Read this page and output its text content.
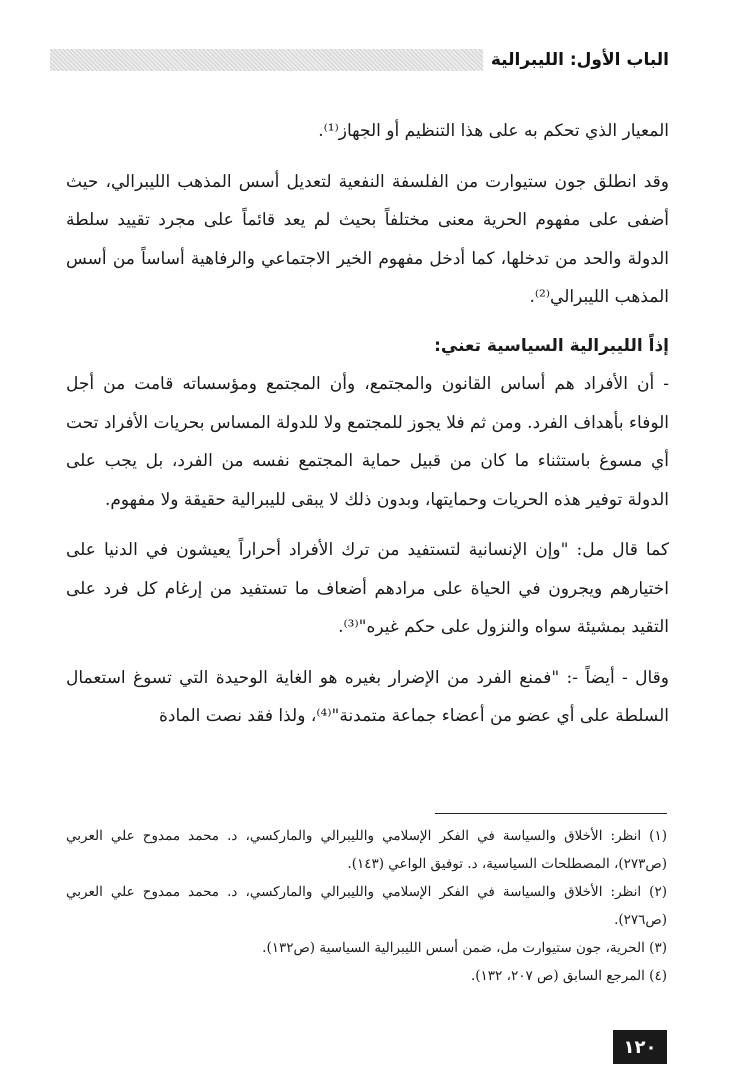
الباب الأول: الليبرالية

المعيار الذي تحكم به على هذا التنظيم أو الجهاز⁽¹⁾.

وقد انطلق جون ستيوارت من الفلسفة النفعية لتعديل أسس المذهب الليبرالي، حيث أضفى على مفهوم الحرية معنى مختلفاً بحيث لم يعد قائماً على مجرد تقييد سلطة الدولة والحد من تدخلها، كما أدخل مفهوم الخير الاجتماعي والرفاهية أساساً من أسس المذهب الليبرالي⁽²⁾.

إذاً الليبرالية السياسية تعني:

- أن الأفراد هم أساس القانون والمجتمع، وأن المجتمع ومؤسساته قامت من أجل الوفاء بأهداف الفرد. ومن ثم فلا يجوز للمجتمع ولا للدولة المساس بحريات الأفراد تحت أي مسوغ باستثناء ما كان من قبيل حماية المجتمع نفسه من الفرد، بل يجب على الدولة توفير هذه الحريات وحمايتها، وبدون ذلك لا يبقى لليبرالية حقيقة ولا مفهوم.

كما قال مل: "وإن الإنسانية لتستفيد من ترك الأفراد أحراراً يعيشون في الدنيا على اختيارهم ويجرون في الحياة على مرادهم أضعاف ما تستفيد من إرغام كل فرد على التقيد بمشيئة سواه والنزول على حكم غيره"⁽³⁾.

وقال - أيضاً -: "فمنع الفرد من الإضرار بغيره هو الغاية الوحيدة التي تسوغ استعمال السلطة على أي عضو من أعضاء جماعة متمدنة"⁽⁴⁾، ولذا فقد نصت المادة

(١) انظر: الأخلاق والسياسة في الفكر الإسلامي والليبرالي والماركسي، د. محمد ممدوح علي العربي (ص٢٧٣)، المصطلحات السياسية، د. توفيق الواعي (١٤٣).

(٢) انظر: الأخلاق والسياسة في الفكر الإسلامي والليبرالي والماركسي، د. محمد ممدوح علي العربي (ص٢٧٦).

(٣) الحرية، جون ستيوارت مل، ضمن أسس الليبرالية السياسية (ص١٣٢).

(٤) المرجع السابق (ص ٢٠٧، ١٣٢).

١٢٠
